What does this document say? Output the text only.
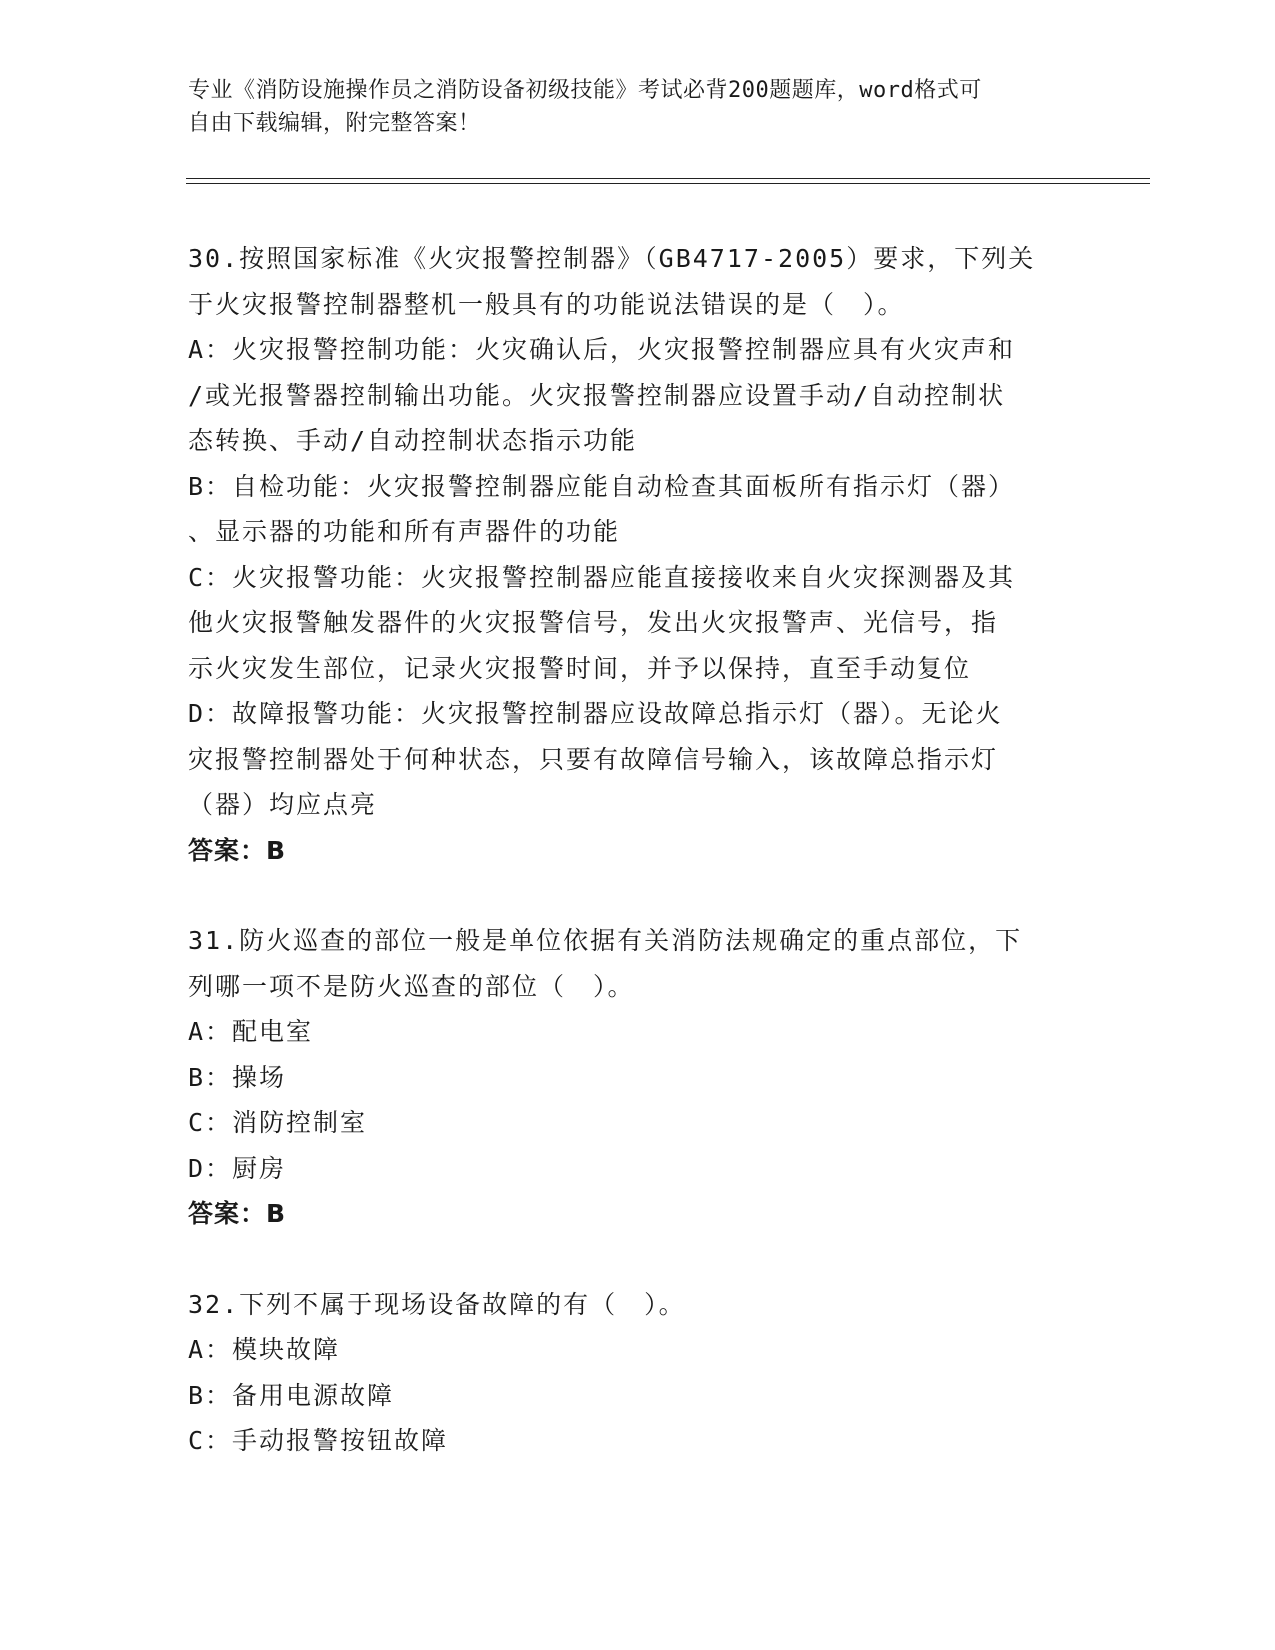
专业《消防设施操作员之消防设备初级技能》考试必背200题题库，word格式可
自由下载编辑，附完整答案！
30.按照国家标准《火灾报警控制器》（GB4717-2005）要求，下列关
于火灾报警控制器整机一般具有的功能说法错误的是（　）。
A：火灾报警控制功能：火灾确认后，火灾报警控制器应具有火灾声和
/或光报警器控制输出功能。火灾报警控制器应设置手动/自动控制状
态转换、手动/自动控制状态指示功能
B：自检功能：火灾报警控制器应能自动检查其面板所有指示灯（器）
、显示器的功能和所有声器件的功能
C：火灾报警功能：火灾报警控制器应能直接接收来自火灾探测器及其
他火灾报警触发器件的火灾报警信号，发出火灾报警声、光信号，指
示火灾发生部位，记录火灾报警时间，并予以保持，直至手动复位
D：故障报警功能：火灾报警控制器应设故障总指示灯（器）。无论火
灾报警控制器处于何种状态，只要有故障信号输入，该故障总指示灯
（器）均应点亮
答案：B
31.防火巡查的部位一般是单位依据有关消防法规确定的重点部位，下
列哪一项不是防火巡查的部位（　）。
A：配电室
B：操场
C：消防控制室
D：厨房
答案：B
32.下列不属于现场设备故障的有（　）。
A：模块故障
B：备用电源故障
C：手动报警按钮故障
